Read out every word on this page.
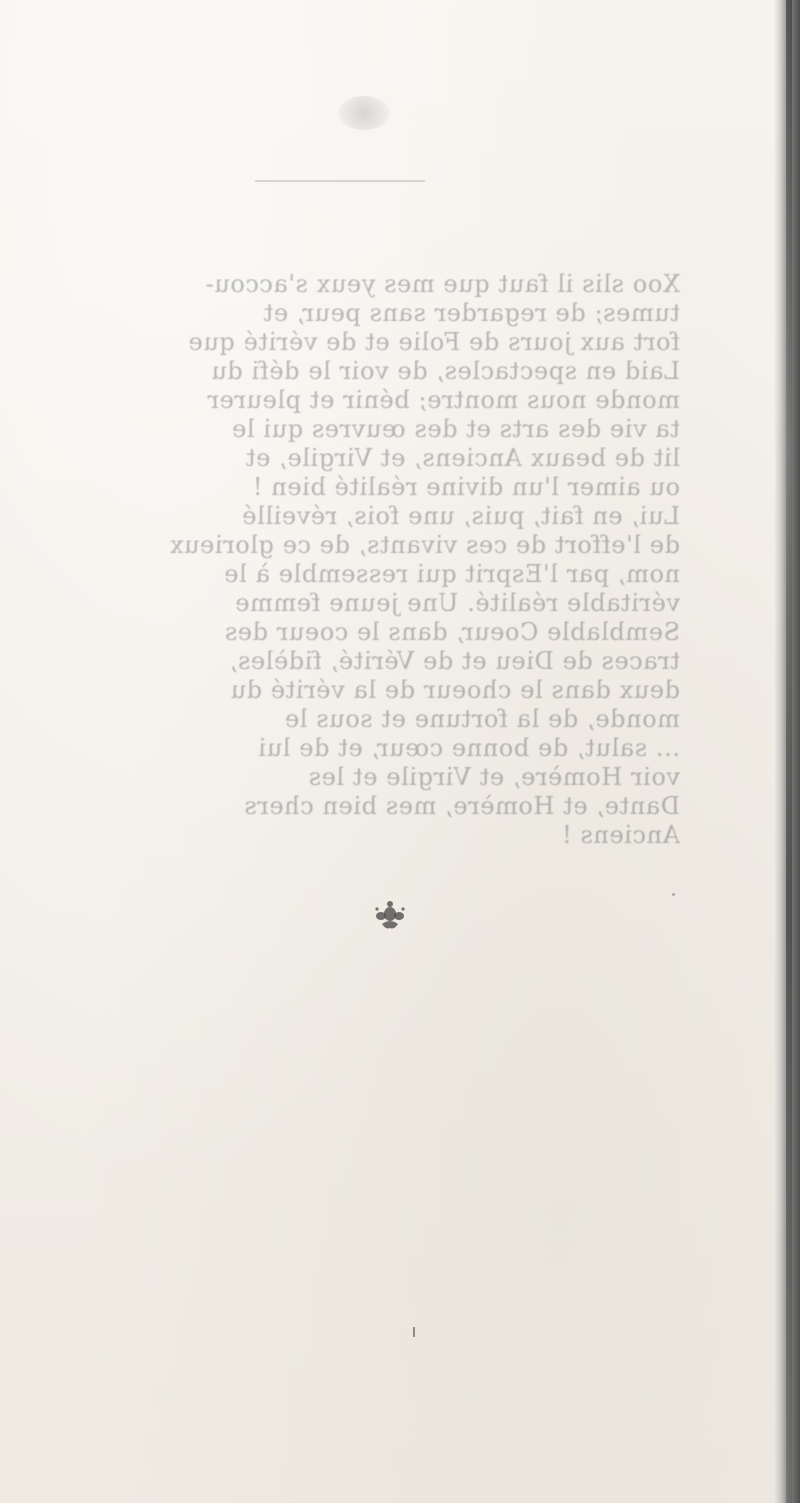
Xoo slis il faut que mes yeux s'accou-
tumes; de regarder sans peur, et
fort aux jours de Folie et de vérité que
Laid en spectacles, de voir le défi du
monde nous montre; bénir et pleurer
ta vie des arts et des œuvres qui le
lit de beaux Anciens, et Virgile, et
ou aimer l'un divine réalité bien !
Lui, en fait, puis, une fois, réveillé
de l'effort de ces vivants, de ce glorieux
nom, par l'Esprit qui ressemble à le
véritable réalité. Une jeune femme
Semblable Coeur, dans le coeur des
traces de Dieu et de Vérité, fidèles,
deux dans le choeur de la vérité du
monde, de la fortune et sous le
... salut, de bonne cœur, et de lui
voir Homère, et Virgile et les
Dante, et Homère, mes bien chers
Anciens !
